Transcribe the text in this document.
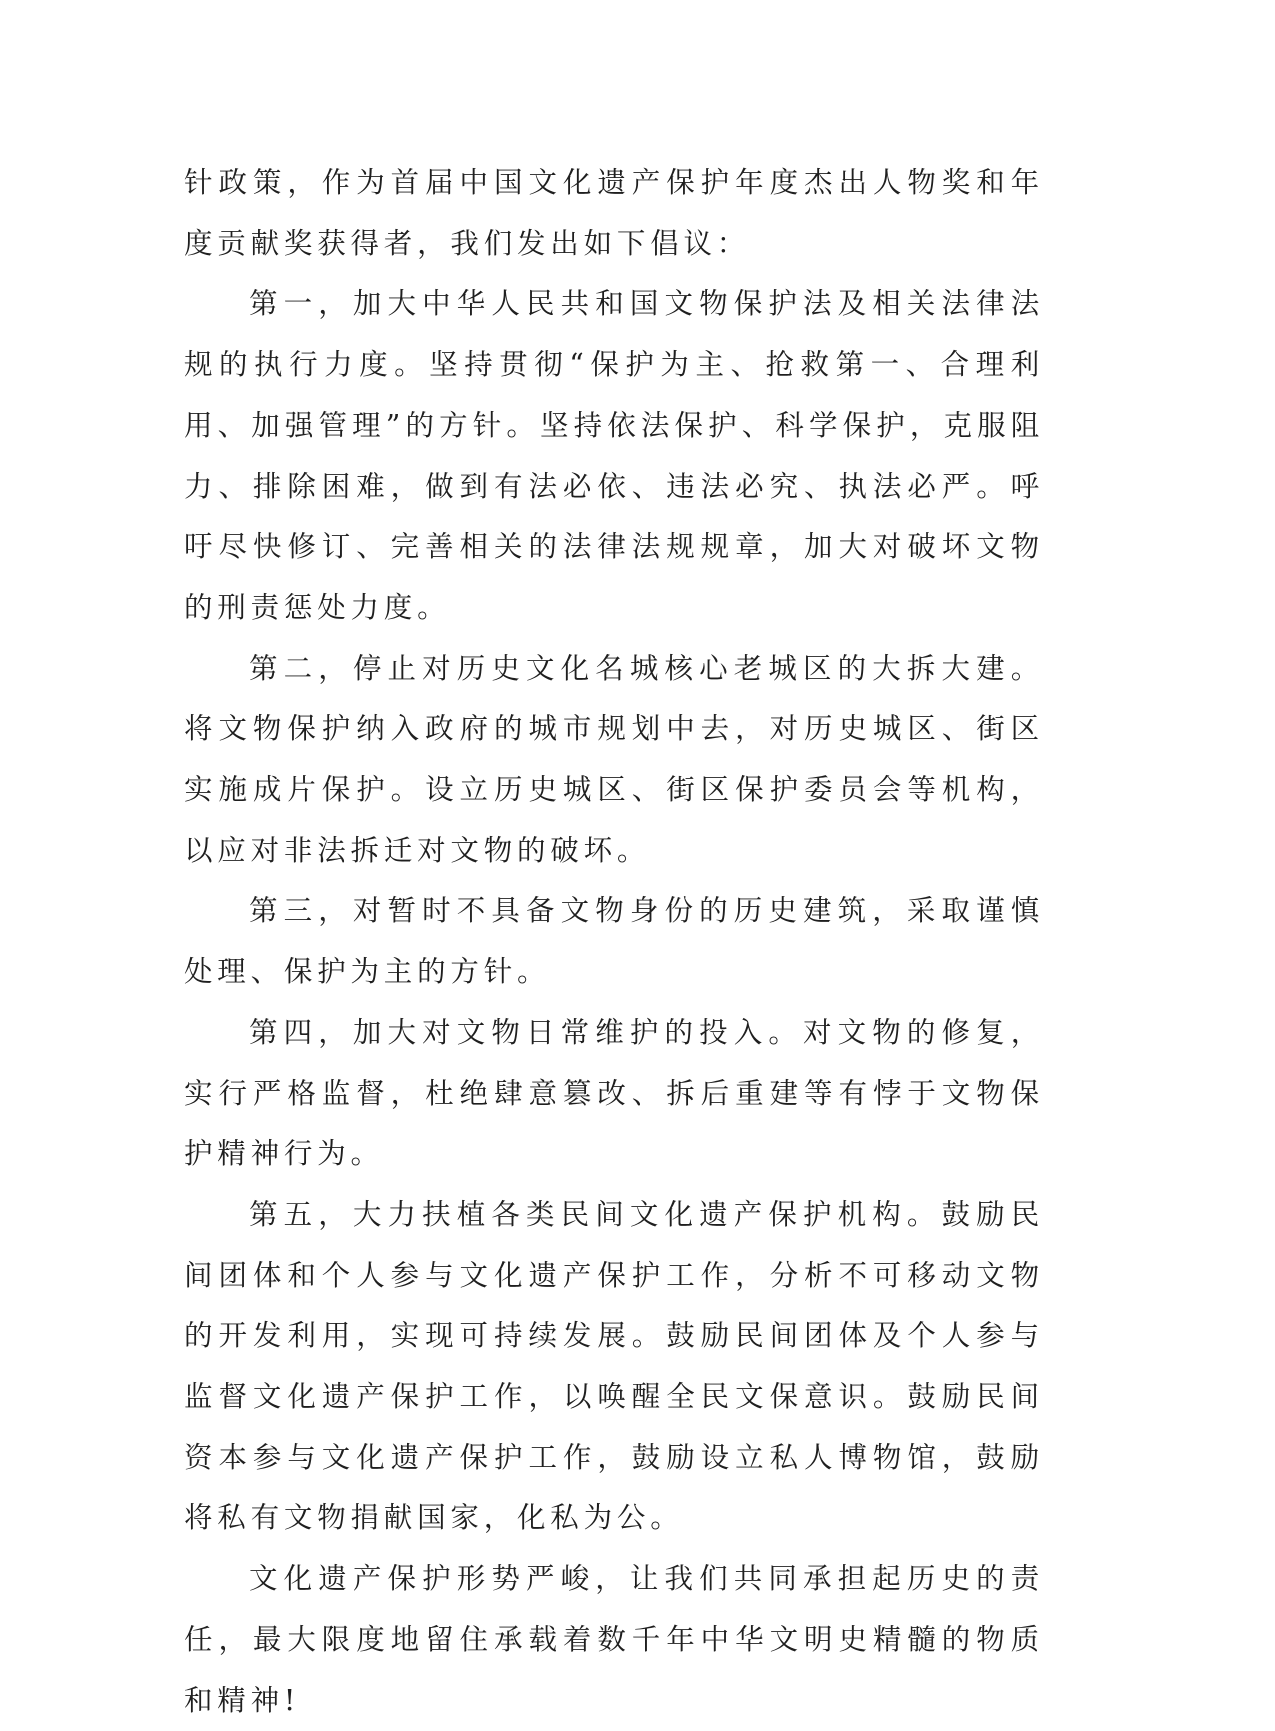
针政策，作为首届中国文化遗产保护年度杰出人物奖和年度贡献奖获得者，我们发出如下倡议：

第一，加大中华人民共和国文物保护法及相关法律法规的执行力度。坚持贯彻“保护为主、抢救第一、合理利用、加强管理”的方针。坚持依法保护、科学保护，克服阻力、排除困难，做到有法必依、违法必究、执法必严。呼吁尽快修订、完善相关的法律法规规章，加大对破坏文物的刑责惩处力度。

第二，停止对历史文化名城核心老城区的大拆大建。将文物保护纳入政府的城市规划中去，对历史城区、街区实施成片保护。设立历史城区、街区保护委员会等机构，以应对非法拆迁对文物的破坏。

第三，对暂时不具备文物身份的历史建筑，采取谨慎处理、保护为主的方针。

第四，加大对文物日常维护的投入。对文物的修复，实行严格监督，杜绝肆意篡改、拆后重建等有悖于文物保护精神行为。

第五，大力扶植各类民间文化遗产保护机构。鼓励民间团体和个人参与文化遗产保护工作，分析不可移动文物的开发利用，实现可持续发展。鼓励民间团体及个人参与监督文化遗产保护工作，以唤醒全民文保意识。鼓励民间资本参与文化遗产保护工作，鼓励设立私人博物馆，鼓励将私有文物捐献国家，化私为公。

文化遗产保护形势严峻，让我们共同承担起历史的责任，最大限度地留住承载着数千年中华文明史精髓的物质和精神!
